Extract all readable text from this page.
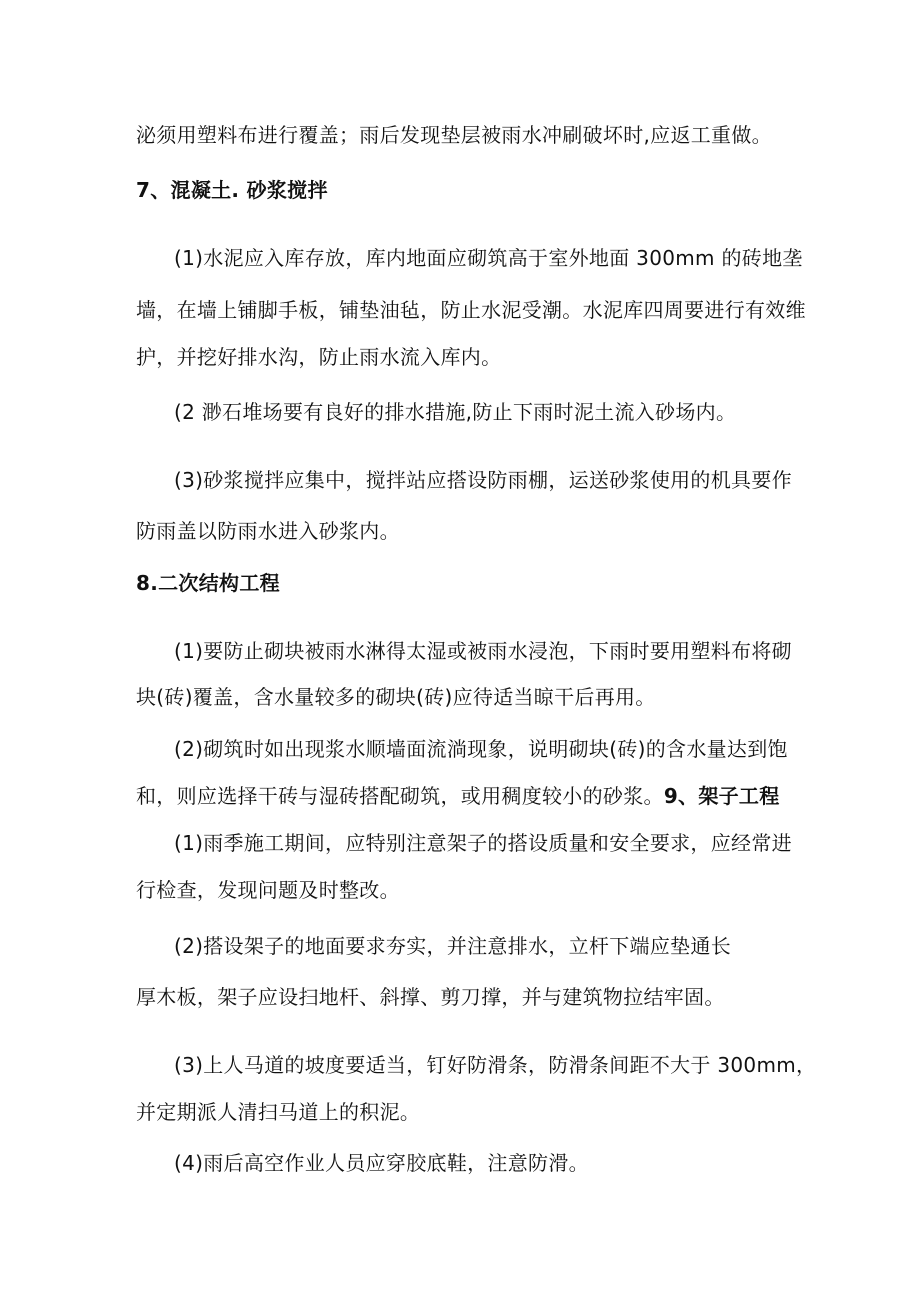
泌须用塑料布进行覆盖；雨后发现垫层被雨水冲刷破坏时,应返工重做。
7、混凝土. 砂浆搅拌
(1)水泥应入库存放，库内地面应砌筑高于室外地面 300mm 的砖地垄
墙，在墙上铺脚手板，铺垫油毡，防止水泥受潮。水泥库四周要进行有效维
护，并挖好排水沟，防止雨水流入库内。
(2 渺石堆场要有良好的排水措施,防止下雨时泥土流入砂场内。
(3)砂浆搅拌应集中，搅拌站应搭设防雨棚，运送砂浆使用的机具要作
防雨盖以防雨水进入砂浆内。
8.二次结构工程
(1)要防止砌块被雨水淋得太湿或被雨水浸泡，下雨时要用塑料布将砌
块(砖)覆盖，含水量较多的砌块(砖)应待适当晾干后再用。
(2)砌筑时如出现浆水顺墙面流淌现象，说明砌块(砖)的含水量达到饱
和，则应选择干砖与湿砖搭配砌筑，或用稠度较小的砂浆。9、架子工程
(1)雨季施工期间，应特别注意架子的搭设质量和安全要求，应经常进
行检查，发现问题及时整改。
(2)搭设架子的地面要求夯实，并注意排水，立杆下端应垫通长
厚木板，架子应设扫地杆、斜撑、剪刀撑，并与建筑物拉结牢固。
(3)上人马道的坡度要适当，钉好防滑条，防滑条间距不大于 300mm，
并定期派人清扫马道上的积泥。
(4)雨后高空作业人员应穿胶底鞋，注意防滑。
